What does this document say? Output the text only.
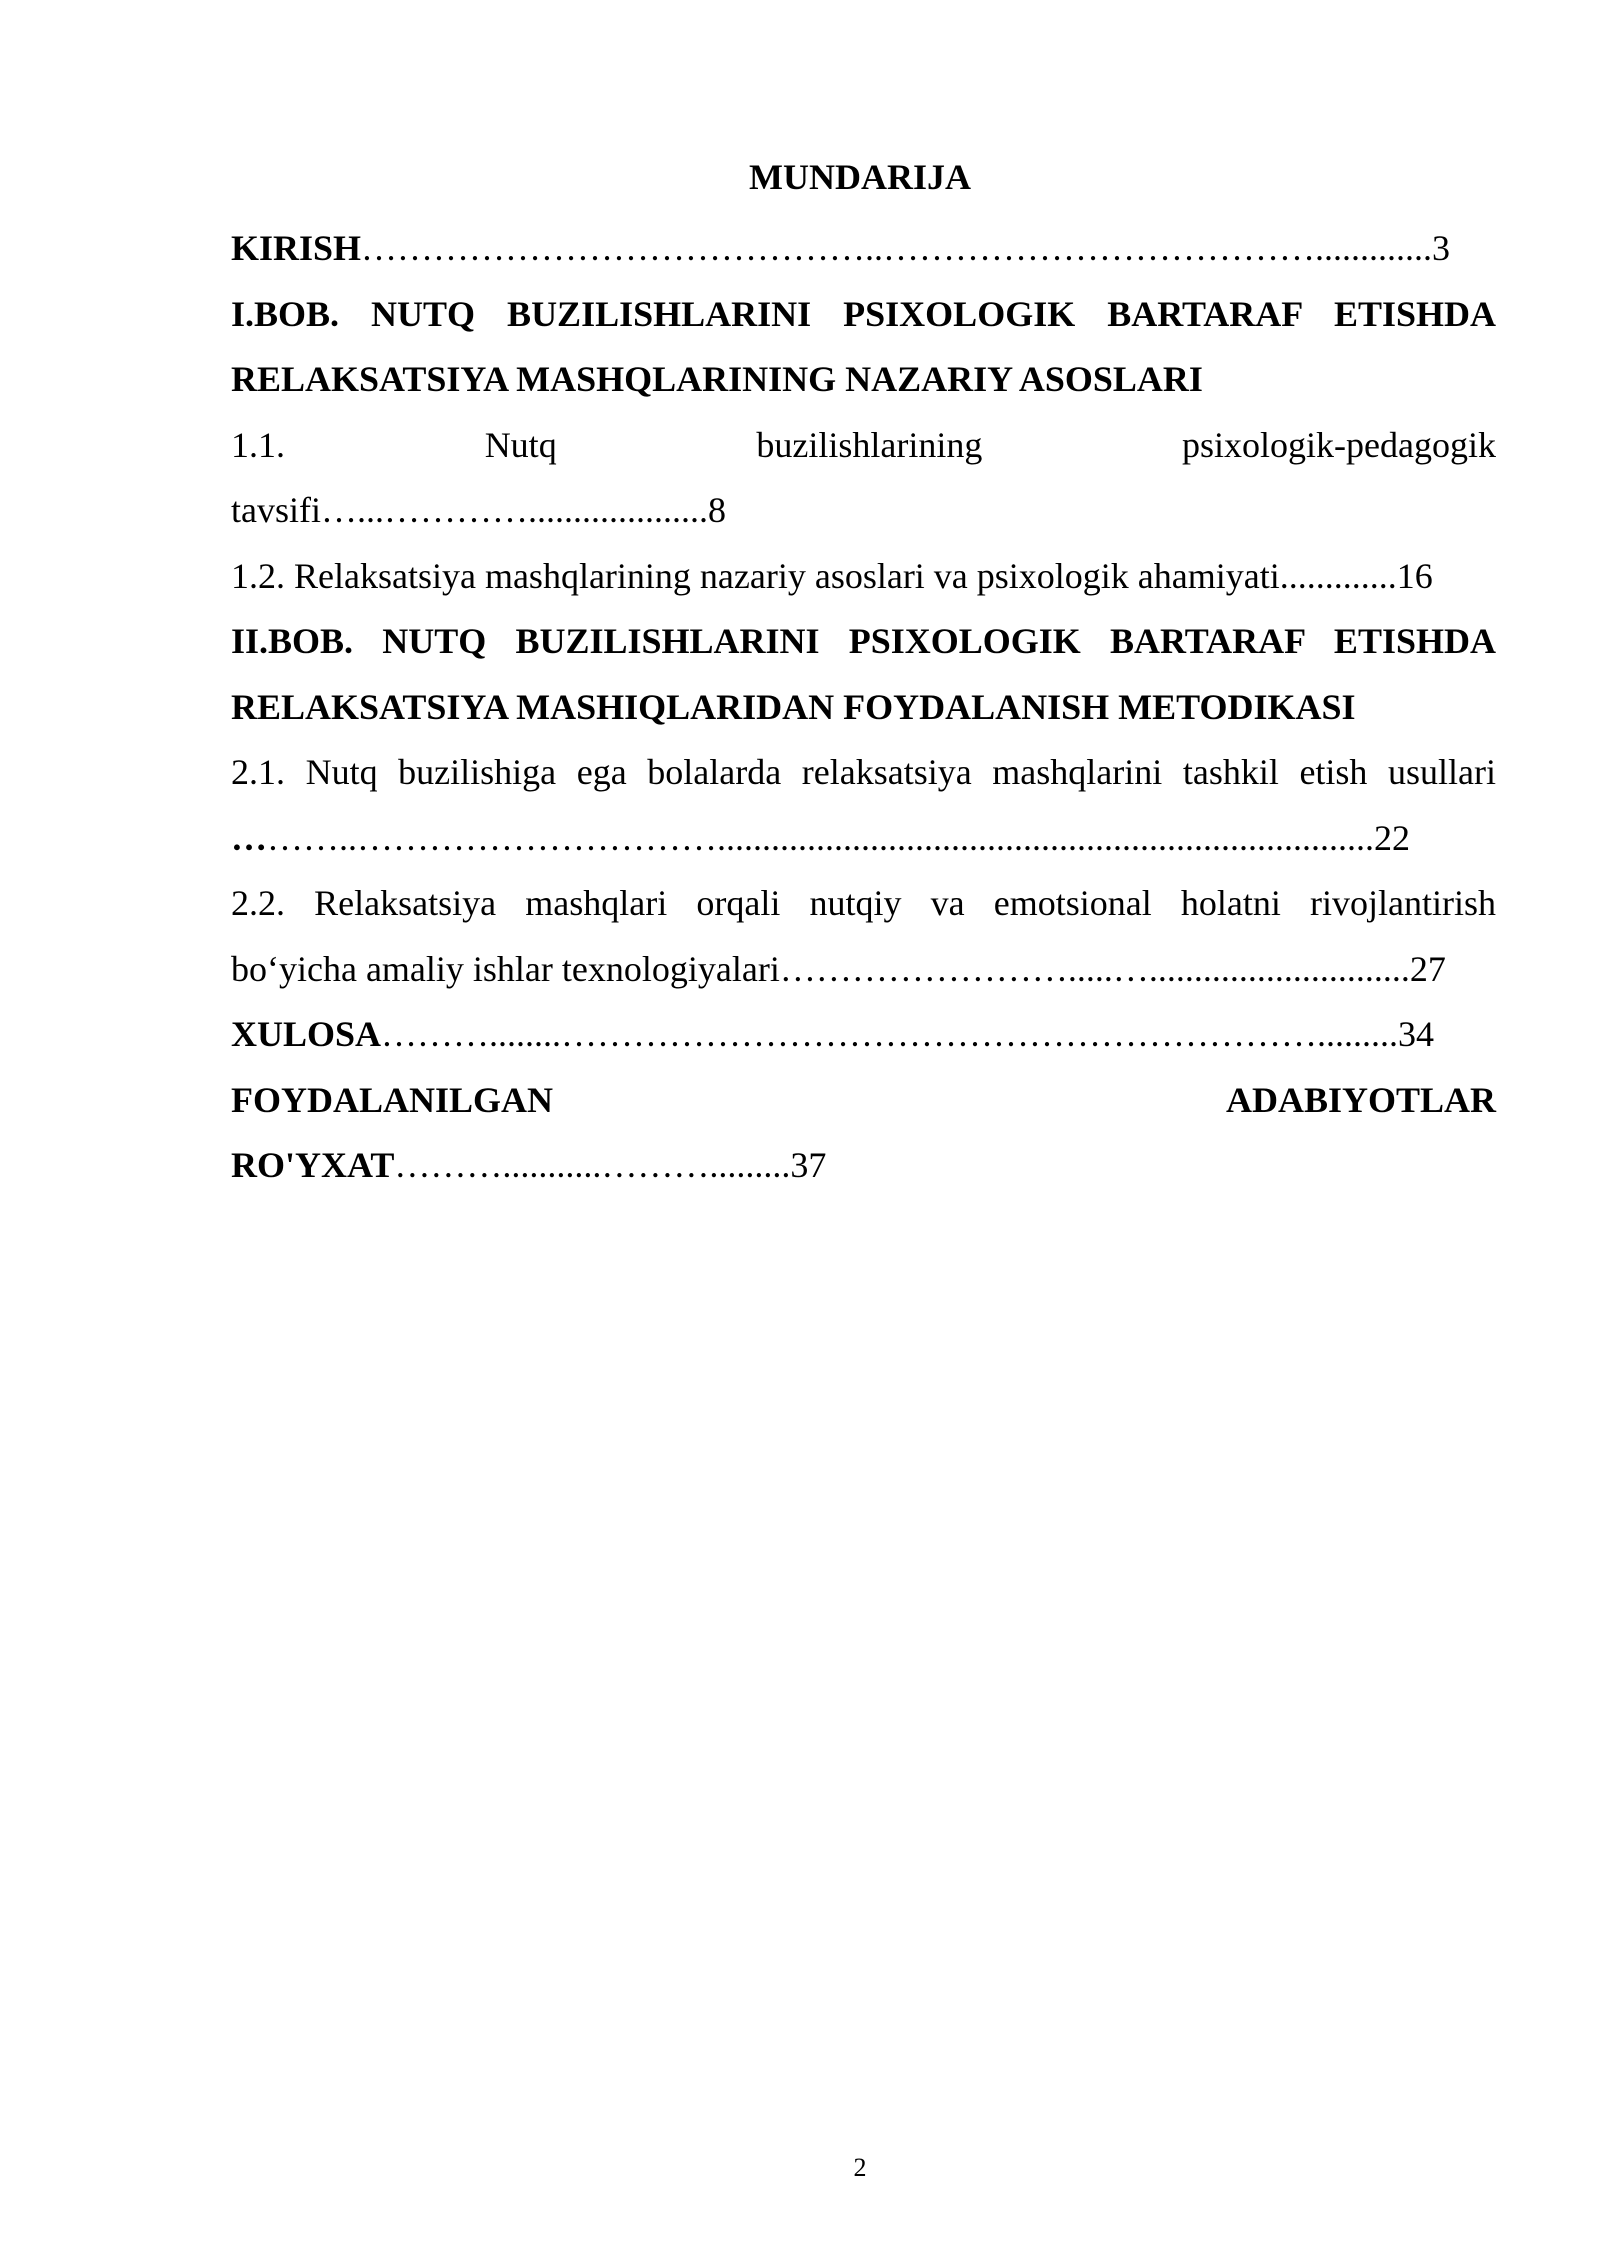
MUNDARIJA

KIRISH……………………………………..……………………………….............3

I.BOB. NUTQ BUZILISHLARINI PSIXOLOGIK BARTARAF ETISHDA

RELAKSATSIYA MASHQLARINING NAZARIY ASOSLARI

1.1. Nutq buzilishlarining psixologik-pedagogik

tavsifi…...…………....................8

1.2. Relaksatsiya mashqlarining nazariy asoslari va psixologik ahamiyati.............16

II.BOB. NUTQ BUZILISHLARINI PSIXOLOGIK BARTARAF ETISHDA

RELAKSATSIYA MASHIQLARIDAN FOYDALANISH METODIKASI

2.1. Nutq buzilishiga ega bolalarda relaksatsiya mashqlarini tashkil etish usullari

………..………………………….........................................................................22

2.2. Relaksatsiya mashqlari orqali nutqiy va emotsional holatni rivojlantirish

bo‘yicha amaliy ishlar texnologiyalari…………………….....….............................27

XULOSA………........……………………………………………………….........34

FOYDALANILGAN ADABIYOTLAR

RO'YXAT………...........……….........37

2
